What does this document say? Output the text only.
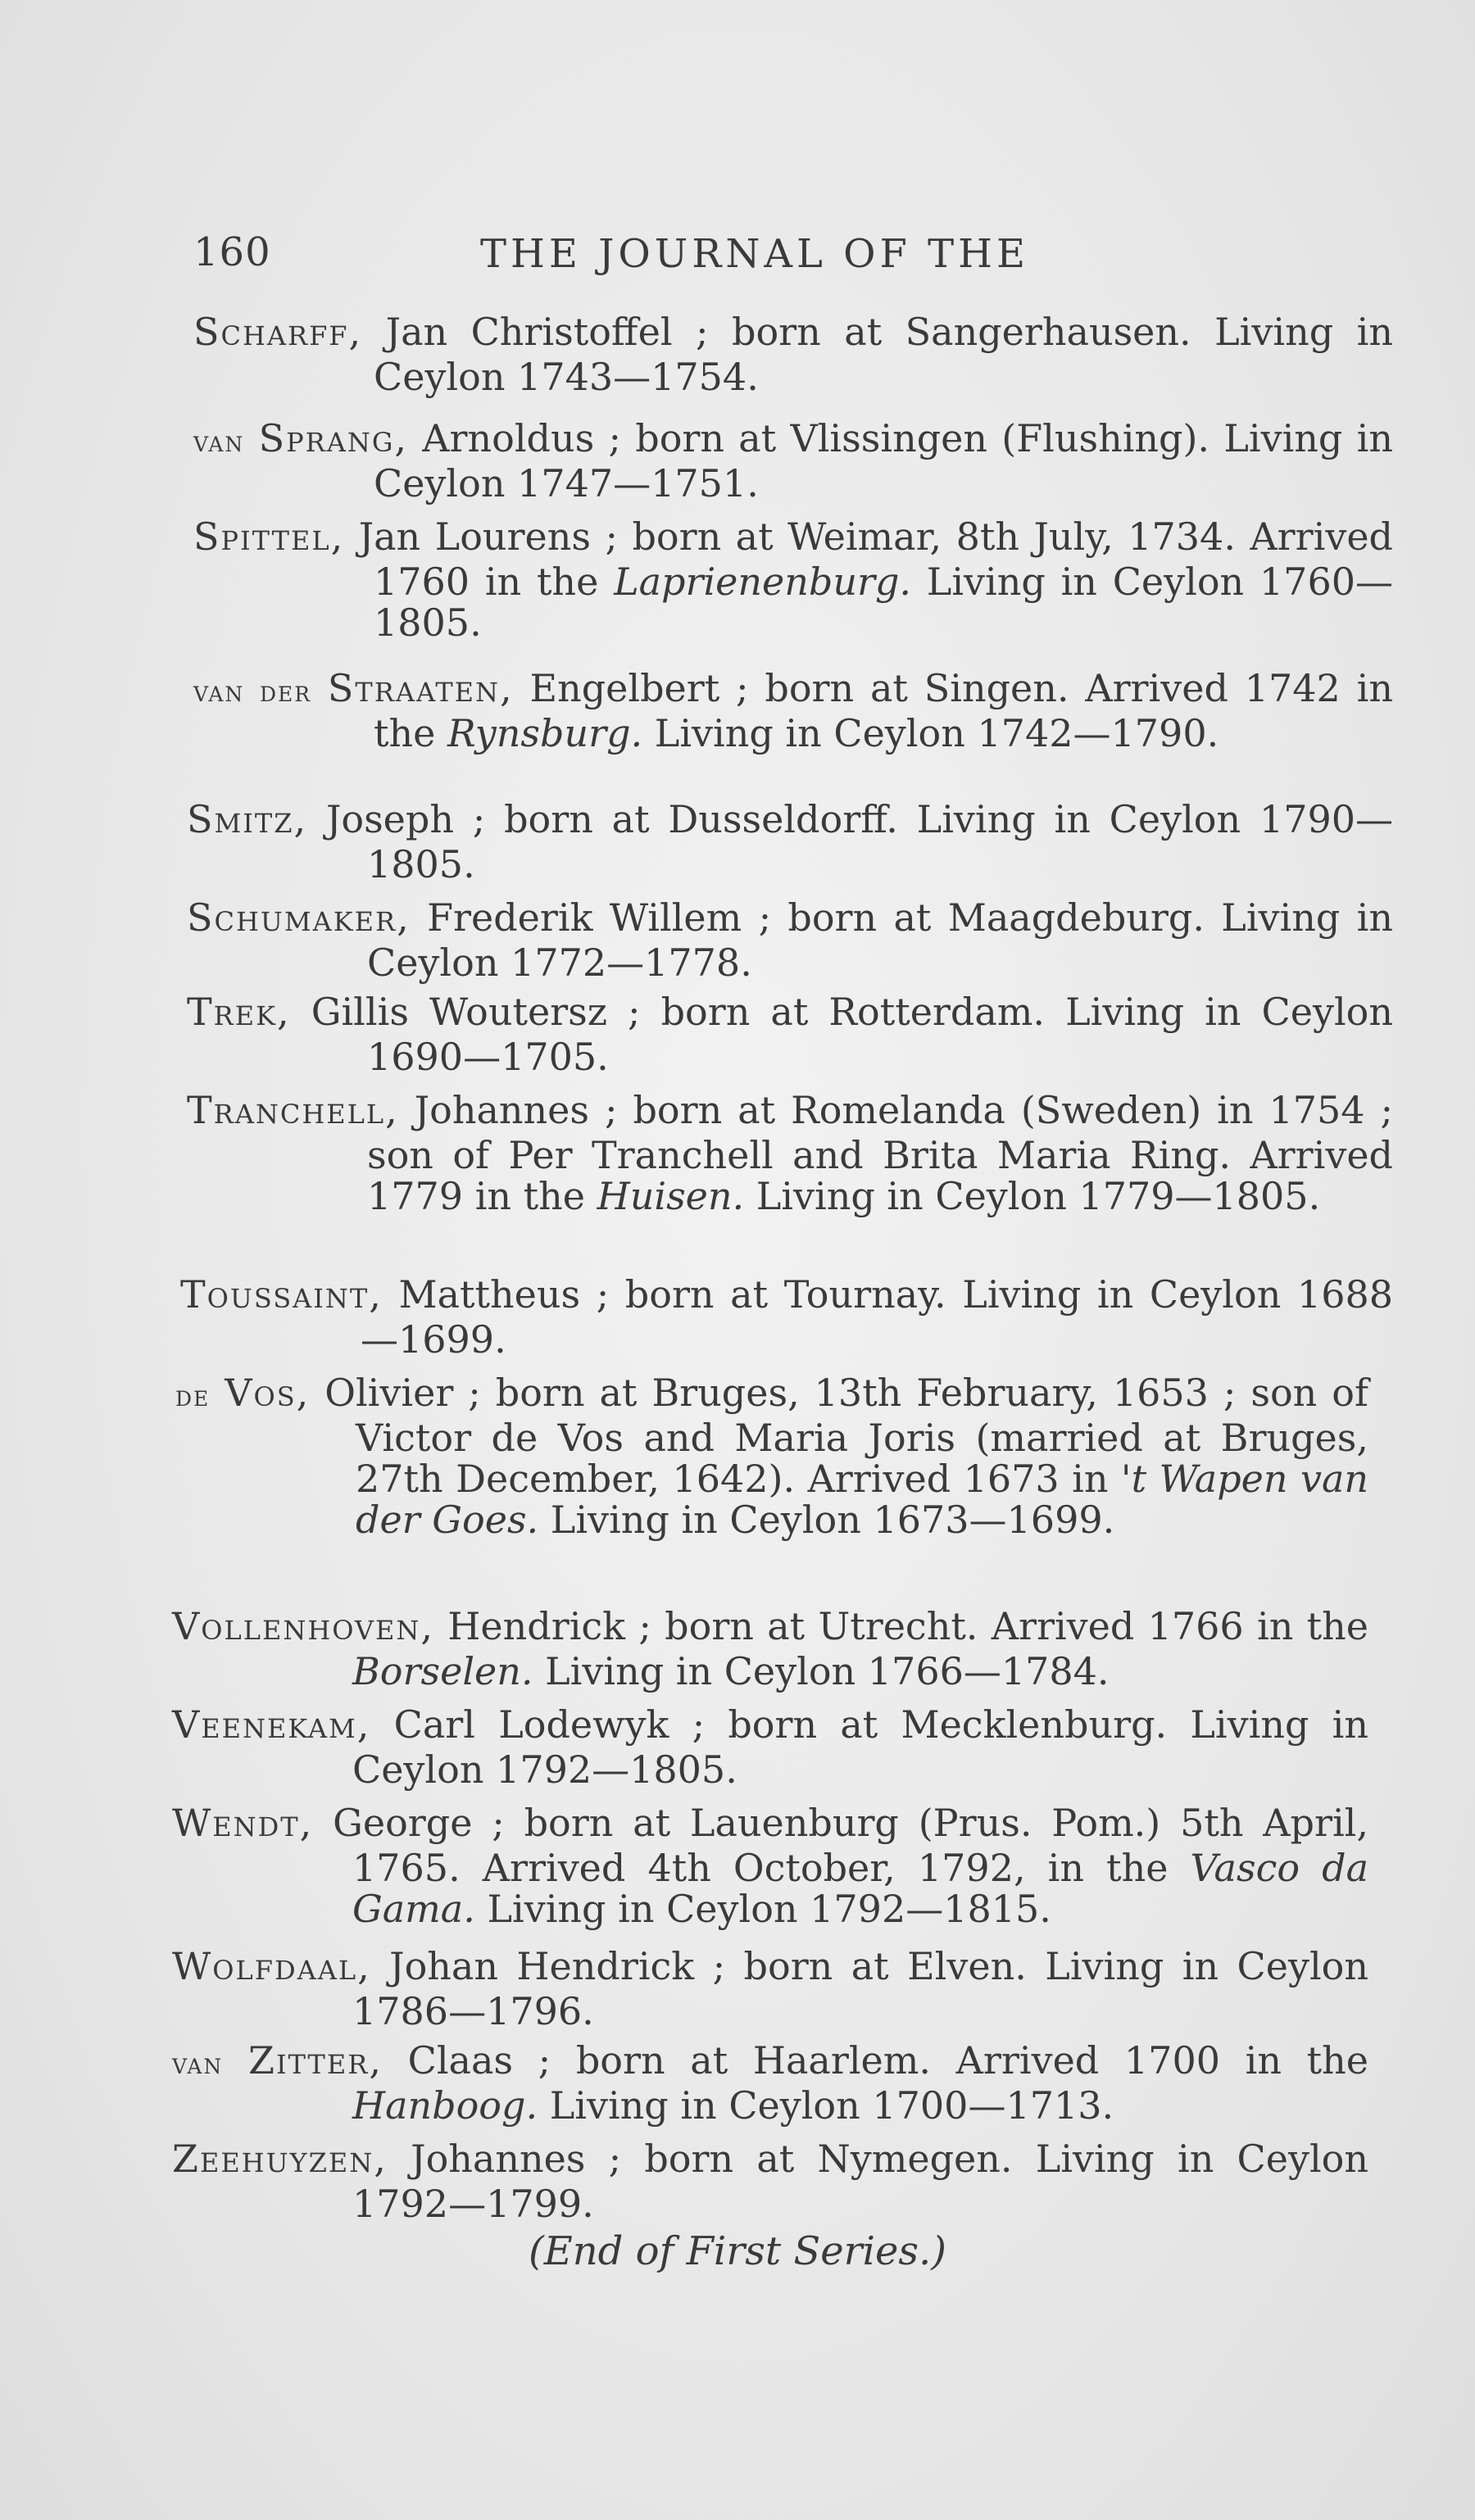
160	THE JOURNAL OF THE
Scharff, Jan Christoffel ; born at Sangerhausen. Living in Ceylon 1743—1754.
van Sprang, Arnoldus ; born at Vlissingen (Flushing). Living in Ceylon 1747—1751.
Spittel, Jan Lourens ; born at Weimar, 8th July, 1734. Arrived 1760 in the Laprienenburg. Living in Ceylon 1760—1805.
van der Straaten, Engelbert ; born at Singen. Arrived 1742 in the Rynsburg. Living in Ceylon 1742—1790.
Smitz, Joseph ; born at Dusseldorff. Living in Ceylon 1790—1805.
Schumaker, Frederik Willem ; born at Maagdeburg. Living in Ceylon 1772—1778.
Trek, Gillis Woutersz ; born at Rotterdam. Living in Ceylon 1690—1705.
Tranchell, Johannes ; born at Romelanda (Sweden) in 1754 ; son of Per Tranchell and Brita Maria Ring. Arrived 1779 in the Huisen. Living in Ceylon 1779—1805.
Toussaint, Mattheus ; born at Tournay. Living in Ceylon 1688—1699.
de Vos, Olivier ; born at Bruges, 13th February, 1653 ; son of Victor de Vos and Maria Joris (married at Bruges, 27th December, 1642). Arrived 1673 in 't Wapen van der Goes. Living in Ceylon 1673—1699.
Vollenhoven, Hendrick ; born at Utrecht. Arrived 1766 in the Borselen. Living in Ceylon 1766—1784.
Veenekam, Carl Lodewyk ; born at Mecklenburg. Living in Ceylon 1792—1805.
Wendt, George ; born at Lauenburg (Prus. Pom.) 5th April, 1765. Arrived 4th October, 1792, in the Vasco da Gama. Living in Ceylon 1792—1815.
Wolfdaal, Johan Hendrick ; born at Elven. Living in Ceylon 1786—1796.
van Zitter, Claas ; born at Haarlem. Arrived 1700 in the Hanboog. Living in Ceylon 1700—1713.
Zeehuyzen, Johannes ; born at Nymegen. Living in Ceylon 1792—1799.
(End of First Series.)
